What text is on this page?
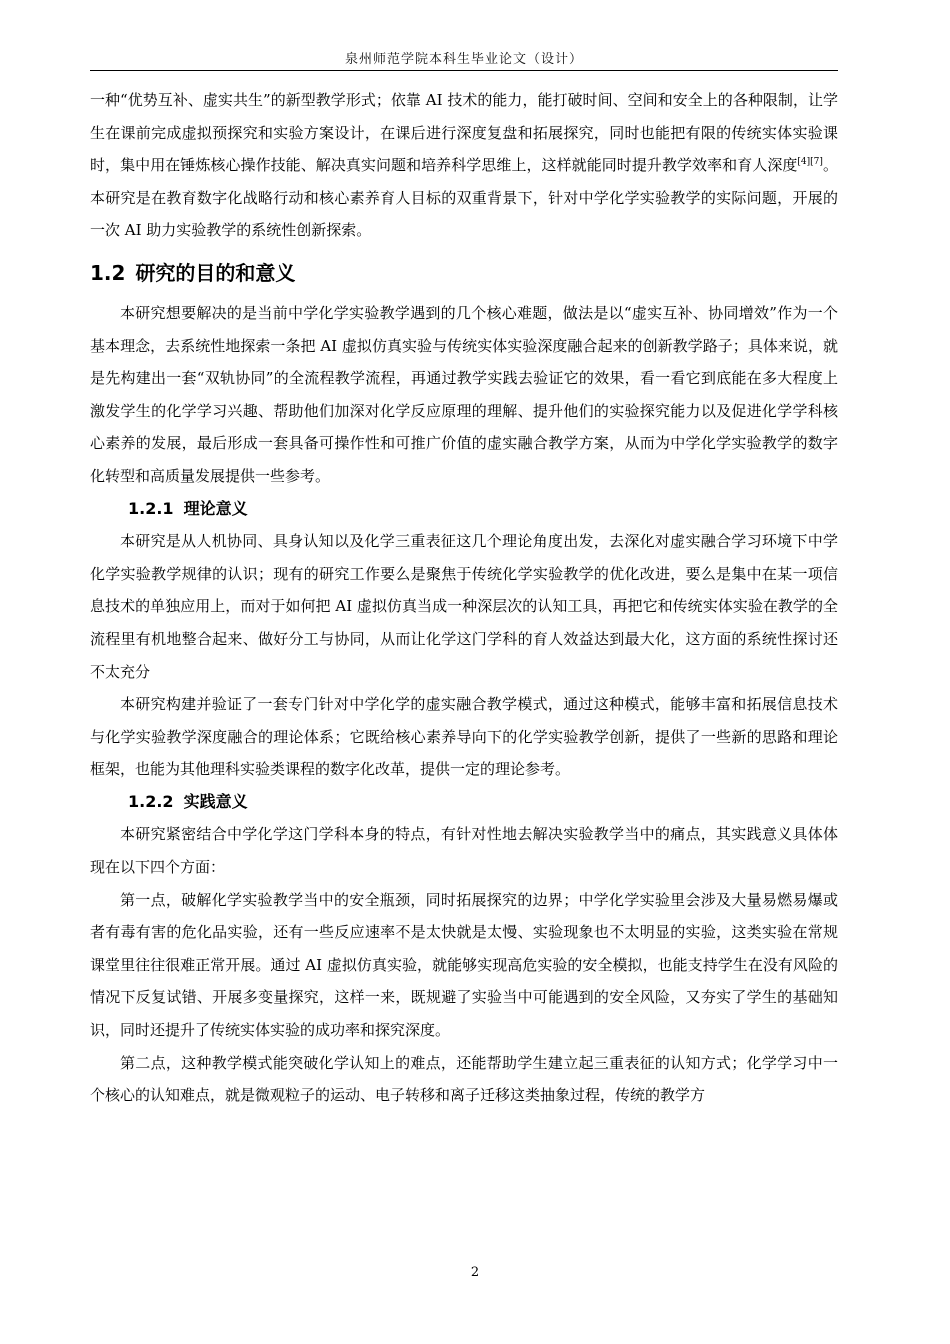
泉州师范学院本科生毕业论文（设计）

一种“优势互补、虚实共生”的新型教学形式；依靠 AI 技术的能力，能打破时间、空间和安全上的各种限制，让学生在课前完成虚拟预探究和实验方案设计，在课后进行深度复盘和拓展探究，同时也能把有限的传统实体实验课时，集中用在锤炼核心操作技能、解决真实问题和培养科学思维上，这样就能同时提升教学效率和育人深度[4][7]。本研究是在教育数字化战略行动和核心素养育人目标的双重背景下，针对中学化学实验教学的实际问题，开展的一次 AI 助力实验教学的系统性创新探索。

1.2 研究的目的和意义

本研究想要解决的是当前中学化学实验教学遇到的几个核心难题，做法是以“虚实互补、协同增效”作为一个基本理念，去系统性地探索一条把 AI 虚拟仿真实验与传统实体实验深度融合起来的创新教学路子；具体来说，就是先构建出一套“双轨协同”的全流程教学流程，再通过教学实践去验证它的效果，看一看它到底能在多大程度上激发学生的化学学习兴趣、帮助他们加深对化学反应原理的理解、提升他们的实验探究能力以及促进化学学科核心素养的发展，最后形成一套具备可操作性和可推广价值的虚实融合教学方案，从而为中学化学实验教学的数字化转型和高质量发展提供一些参考。

1.2.1 理论意义

本研究是从人机协同、具身认知以及化学三重表征这几个理论角度出发，去深化对虚实融合学习环境下中学化学实验教学规律的认识；现有的研究工作要么是聚焦于传统化学实验教学的优化改进，要么是集中在某一项信息技术的单独应用上，而对于如何把 AI 虚拟仿真当成一种深层次的认知工具，再把它和传统实体实验在教学的全流程里有机地整合起来、做好分工与协同，从而让化学这门学科的育人效益达到最大化，这方面的系统性探讨还不太充分

本研究构建并验证了一套专门针对中学化学的虚实融合教学模式，通过这种模式，能够丰富和拓展信息技术与化学实验教学深度融合的理论体系；它既给核心素养导向下的化学实验教学创新，提供了一些新的思路和理论框架，也能为其他理科实验类课程的数字化改革，提供一定的理论参考。

1.2.2 实践意义

本研究紧密结合中学化学这门学科本身的特点，有针对性地去解决实验教学当中的痛点，其实践意义具体体现在以下四个方面：

第一点，破解化学实验教学当中的安全瓶颈，同时拓展探究的边界；中学化学实验里会涉及大量易燃易爆或者有毒有害的危化品实验，还有一些反应速率不是太快就是太慢、实验现象也不太明显的实验，这类实验在常规课堂里往往很难正常开展。通过 AI 虚拟仿真实验，就能够实现高危实验的安全模拟，也能支持学生在没有风险的情况下反复试错、开展多变量探究，这样一来，既规避了实验当中可能遇到的安全风险，又夯实了学生的基础知识，同时还提升了传统实体实验的成功率和探究深度。

第二点，这种教学模式能突破化学认知上的难点，还能帮助学生建立起三重表征的认知方式；化学学习中一个核心的认知难点，就是微观粒子的运动、电子转移和离子迁移这类抽象过程，传统的教学方

2
